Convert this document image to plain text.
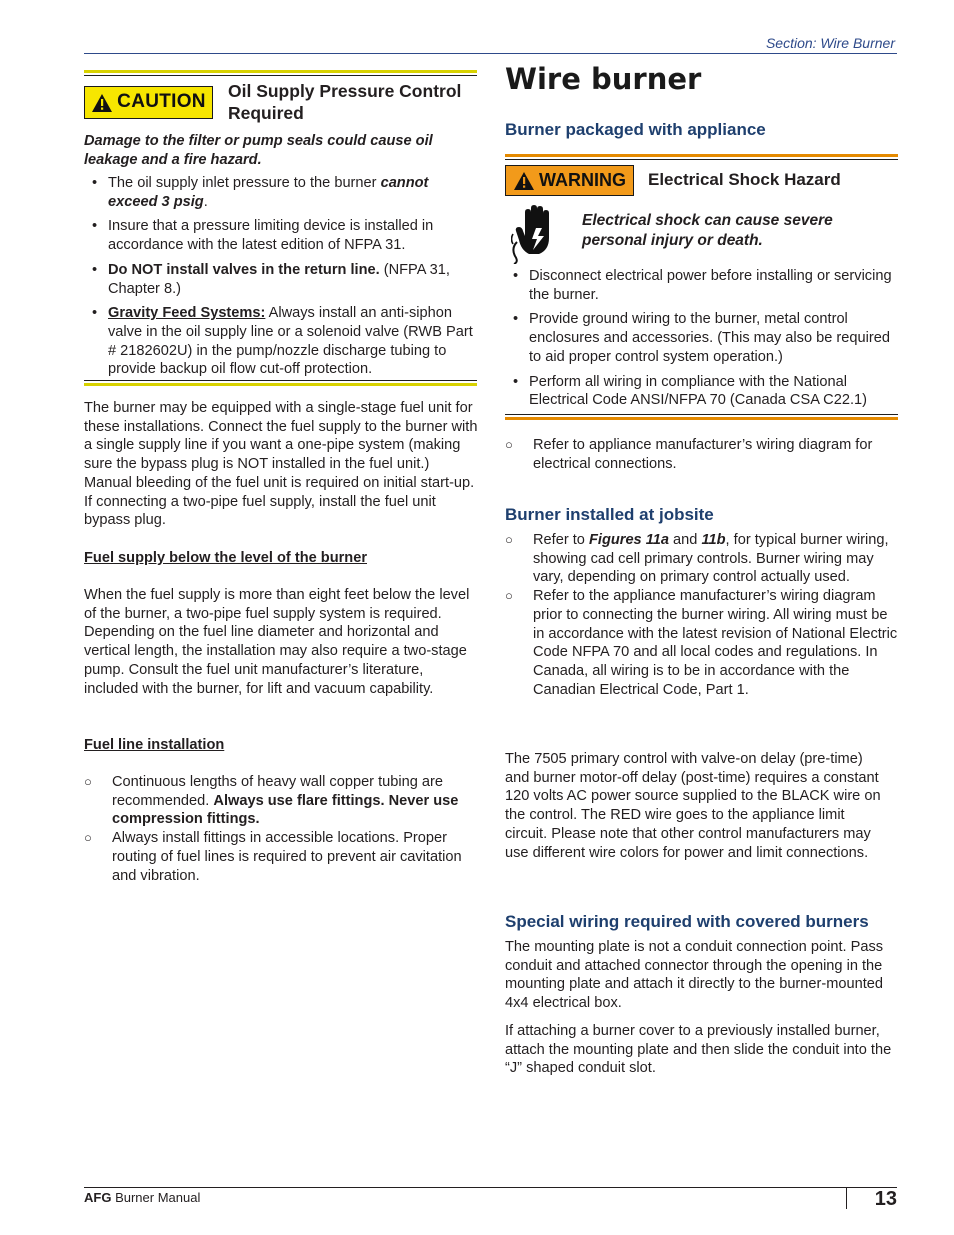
Section: Wire Burner
CAUTION
Oil Supply Pressure Control Required
Damage to the filter or pump seals could cause oil leakage and a fire hazard.
• The oil supply inlet pressure to the burner cannot exceed 3 psig.
• Insure that a pressure limiting device is installed in accordance with the latest edition of NFPA 31.
• Do NOT install valves in the return line. (NFPA 31, Chapter 8.)
• Gravity Feed Systems: Always install an anti-siphon valve in the oil supply line or a solenoid valve (RWB Part # 2182602U) in the pump/nozzle discharge tubing to provide backup oil flow cut-off protection.

The burner may be equipped with a single-stage fuel unit for these installations. Connect the fuel supply to the burner with a single supply line if you want a one-pipe system (making sure the bypass plug is NOT installed in the fuel unit.) Manual bleeding of the fuel unit is required on initial start-up. If connecting a two-pipe fuel supply, install the fuel unit bypass plug.

Fuel supply below the level of the burner

When the fuel supply is more than eight feet below the level of the burner, a two-pipe fuel supply system is required. Depending on the fuel line diameter and horizontal and vertical length, the installation may also require a two-stage pump. Consult the fuel unit manufacturer’s literature, included with the burner, for lift and vacuum capability.

Fuel line installation
○ Continuous lengths of heavy wall copper tubing are recommended. Always use flare fittings. Never use compression fittings.
○ Always install fittings in accessible locations. Proper routing of fuel lines is required to prevent air cavitation and vibration.
Wire burner
Burner packaged with appliance
WARNING Electrical Shock Hazard
Electrical shock can cause severe personal injury or death.
• Disconnect electrical power before installing or servicing the burner.
• Provide ground wiring to the burner, metal control enclosures and accessories. (This may also be required to aid proper control system operation.)
• Perform all wiring in compliance with the National Electrical Code ANSI/NFPA 70 (Canada CSA C22.1)
○ Refer to appliance manufacturer’s wiring diagram for electrical connections.
Burner installed at jobsite
○ Refer to Figures 11a and 11b, for typical burner wiring, showing cad cell primary controls. Burner wiring may vary, depending on primary control actually used.
○ Refer to the appliance manufacturer’s wiring diagram prior to connecting the burner wiring. All wiring must be in accordance with the latest revision of National Electric Code NFPA 70 and all local codes and regulations. In Canada, all wiring is to be in accordance with the Canadian Electrical Code, Part 1.

The 7505 primary control with valve-on delay (pre-time) and burner motor-off delay (post-time) requires a constant 120 volts AC power source supplied to the BLACK wire on the control. The RED wire goes to the appliance limit circuit. Please note that other control manufacturers may use different wire colors for power and limit connections.

Special wiring required with covered burners

The mounting plate is not a conduit connection point. Pass conduit and attached connector through the opening in the mounting plate and attach it directly to the burner-mounted 4x4 electrical box.

If attaching a burner cover to a previously installed burner, attach the mounting plate and then slide the conduit into the “J” shaped conduit slot.

AFG Burner Manual	13
